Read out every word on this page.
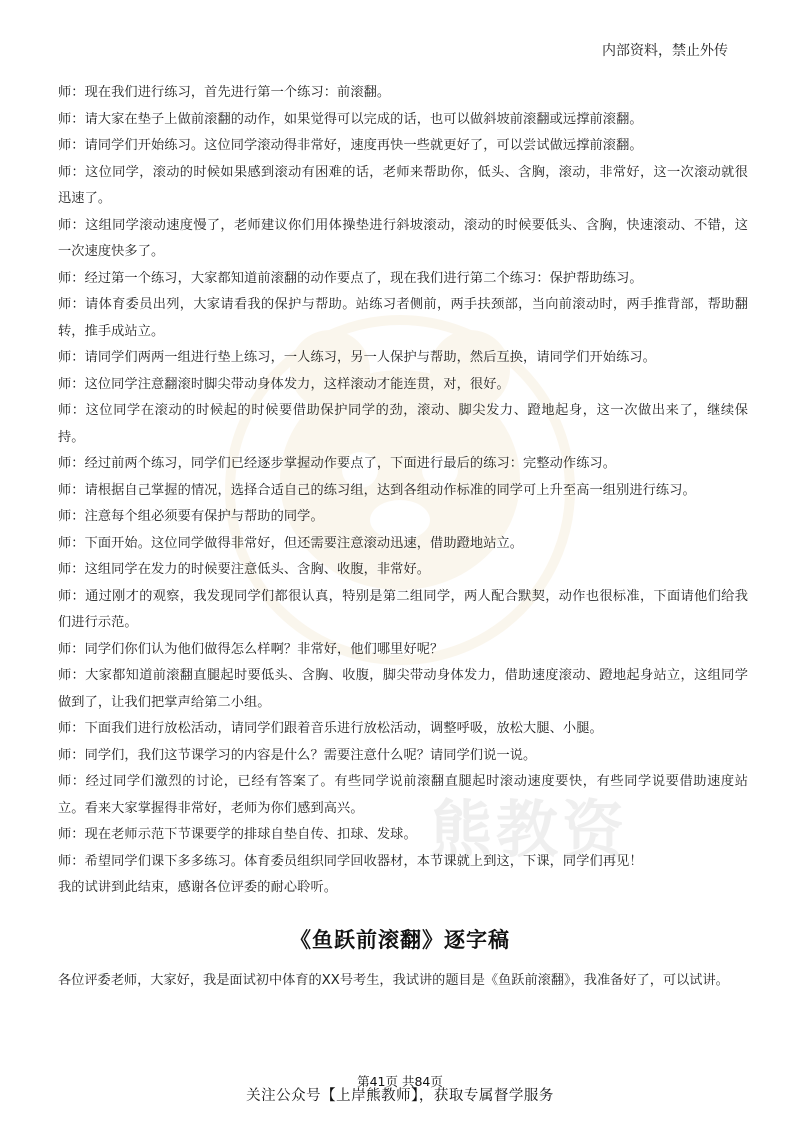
内部资料，禁止外传
熊教资

师：现在我们进行练习，首先进行第一个练习：前滚翻。

师：请大家在垫子上做前滚翻的动作，如果觉得可以完成的话，也可以做斜坡前滚翻或远撑前滚翻。

师：请同学们开始练习。这位同学滚动得非常好，速度再快一些就更好了，可以尝试做远撑前滚翻。

师：这位同学，滚动的时候如果感到滚动有困难的话，老师来帮助你，低头、含胸，滚动，非常好，这一次滚动就很迅速了。

师：这组同学滚动速度慢了，老师建议你们用体操垫进行斜坡滚动，滚动的时候要低头、含胸，快速滚动、不错，这一次速度快多了。

师：经过第一个练习，大家都知道前滚翻的动作要点了，现在我们进行第二个练习：保护帮助练习。

师：请体育委员出列，大家请看我的保护与帮助。站练习者侧前，两手扶颈部，当向前滚动时，两手推背部，帮助翻转，推手成站立。

师：请同学们两两一组进行垫上练习，一人练习，另一人保护与帮助，然后互换，请同学们开始练习。

师：这位同学注意翻滚时脚尖带动身体发力，这样滚动才能连贯，对，很好。

师：这位同学在滚动的时候起的时候要借助保护同学的劲，滚动、脚尖发力、蹬地起身，这一次做出来了，继续保持。

师：经过前两个练习，同学们已经逐步掌握动作要点了，下面进行最后的练习：完整动作练习。

师：请根据自己掌握的情况，选择合适自己的练习组，达到各组动作标准的同学可上升至高一组别进行练习。

师：注意每个组必须要有保护与帮助的同学。

师：下面开始。这位同学做得非常好，但还需要注意滚动迅速，借助蹬地站立。

师：这组同学在发力的时候要注意低头、含胸、收腹，非常好。

师：通过刚才的观察，我发现同学们都很认真，特别是第二组同学，两人配合默契，动作也很标准，下面请他们给我们进行示范。

师：同学们你们认为他们做得怎么样啊？非常好，他们哪里好呢？

师：大家都知道前滚翻直腿起时要低头、含胸、收腹，脚尖带动身体发力，借助速度滚动、蹬地起身站立，这组同学做到了，让我们把掌声给第二小组。

师：下面我们进行放松活动，请同学们跟着音乐进行放松活动，调整呼吸，放松大腿、小腿。

师：同学们，我们这节课学习的内容是什么？需要注意什么呢？请同学们说一说。

师：经过同学们激烈的讨论，已经有答案了。有些同学说前滚翻直腿起时滚动速度要快，有些同学说要借助速度站立。看来大家掌握得非常好，老师为你们感到高兴。

师：现在老师示范下节课要学的排球自垫自传、扣球、发球。

师：希望同学们课下多多练习。体育委员组织同学回收器材，本节课就上到这，下课，同学们再见！

我的试讲到此结束，感谢各位评委的耐心聆听。

《鱼跃前滚翻》逐字稿

各位评委老师，大家好，我是面试初中体育的XX号考生，我试讲的题目是《鱼跃前滚翻》，我准备好了，可以试讲。

第41页 共84页
关注公众号【上岸熊教师】，获取专属督学服务
